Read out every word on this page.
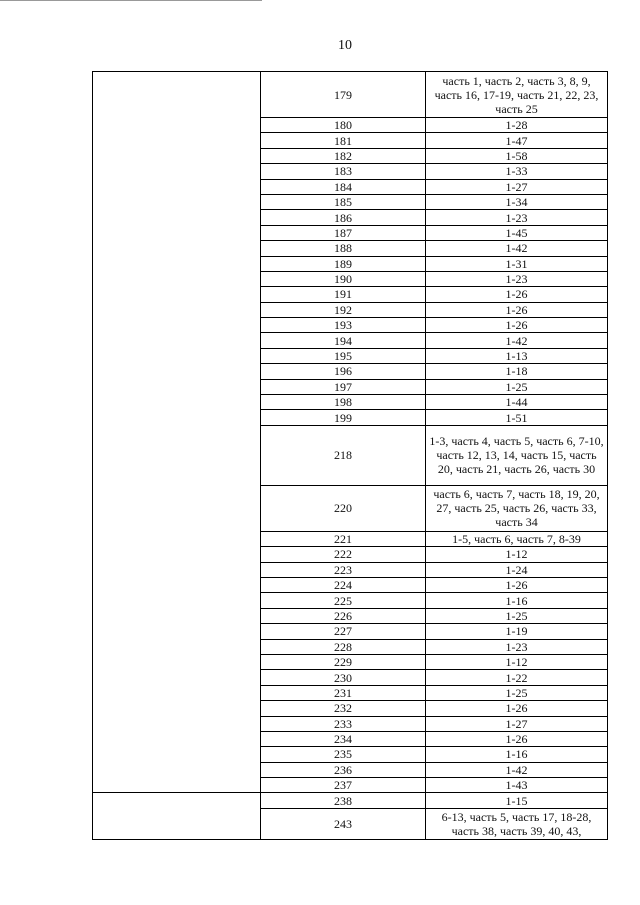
10
	179	часть 1, часть 2, часть 3, 8, 9, часть 16, 17-19, часть 21, 22, 23, часть 25
	180	1-28
	181	1-47
	182	1-58
	183	1-33
	184	1-27
	185	1-34
	186	1-23
	187	1-45
	188	1-42
	189	1-31
	190	1-23
	191	1-26
	192	1-26
	193	1-26
	194	1-42
	195	1-13
	196	1-18
	197	1-25
	198	1-44
	199	1-51
	218	1-3, часть 4, часть 5, часть 6, 7-10, часть 12, 13, 14, часть 15, часть 20, часть 21, часть 26, часть 30
	220	часть 6, часть 7, часть 18, 19, 20, 27, часть 25, часть 26, часть 33, часть 34
	221	1-5, часть 6, часть 7, 8-39
	222	1-12
	223	1-24
	224	1-26
	225	1-16
	226	1-25
	227	1-19
	228	1-23
	229	1-12
	230	1-22
	231	1-25
	232	1-26
	233	1-27
	234	1-26
	235	1-16
	236	1-42
	237	1-43
	238	1-15
	243	6-13, часть 5, часть 17, 18-28, часть 38, часть 39, 40, 43,
